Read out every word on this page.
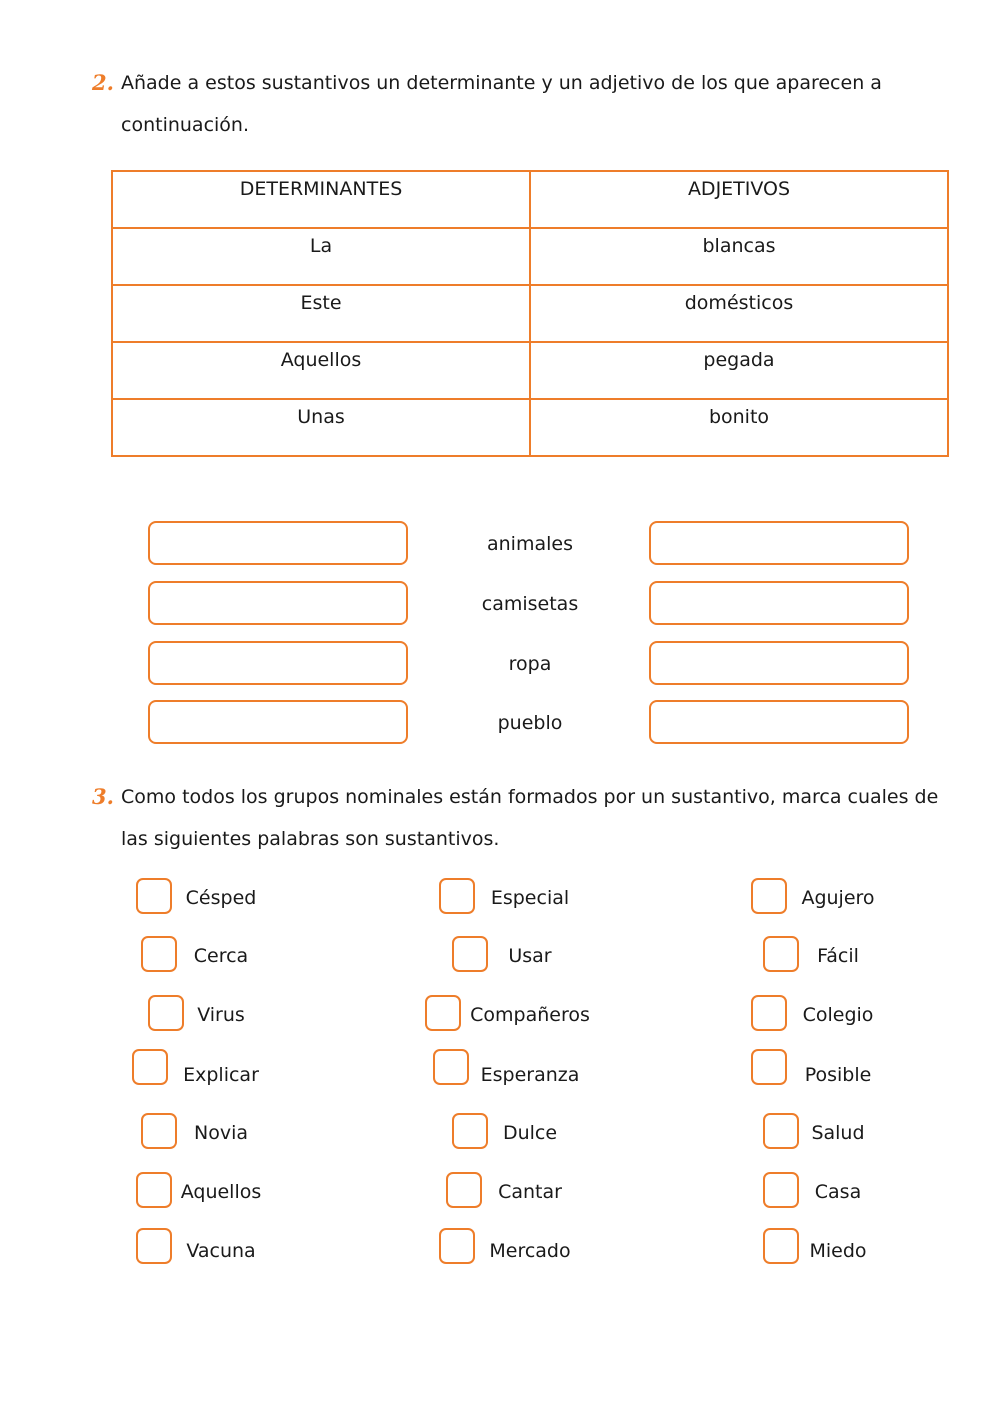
2. Añade a estos sustantivos un determinante y un adjetivo de los que aparecen a continuación.
DETERMINANTES	ADJETIVOS
La	blancas
Este	domésticos
Aquellos	pegada
Unas	bonito
animales
camisetas
ropa
pueblo
3. Como todos los grupos nominales están formados por un sustantivo, marca cuales de las siguientes palabras son sustantivos.
Césped
Cerca
Virus
Explicar
Novia
Aquellos
Vacuna
Especial
Usar
Compañeros
Esperanza
Dulce
Cantar
Mercado
Agujero
Fácil
Colegio
Posible
Salud
Casa
Miedo
